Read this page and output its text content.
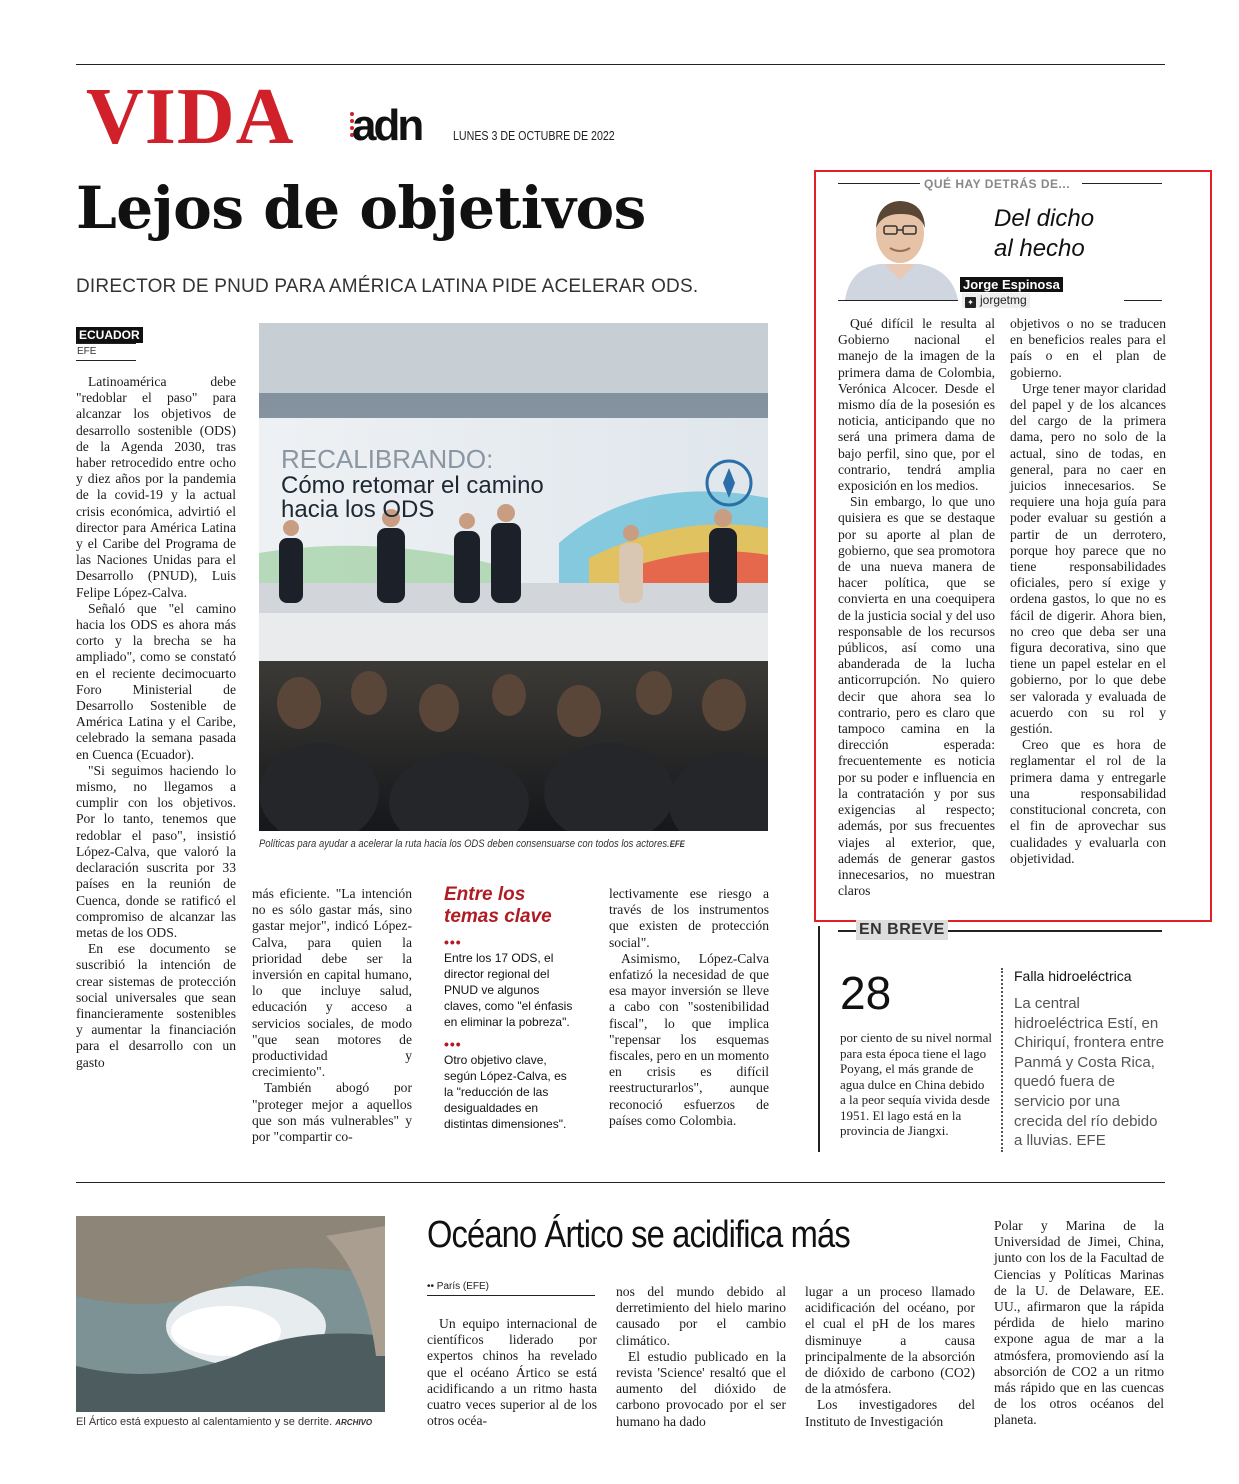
VIDA adn LUNES 3 DE OCTUBRE DE 2022
Lejos de objetivos
DIRECTOR DE PNUD PARA AMÉRICA LATINA PIDE ACELERAR ODS.
ECUADOR
EFE

Latinoamérica debe "redoblar el paso" para alcanzar los objetivos de desarrollo sostenible (ODS) de la Agenda 2030, tras haber retrocedido entre ocho y diez años por la pandemia de la covid-19 y la actual crisis económica, advirtió el director para América Latina y el Caribe del Programa de las Naciones Unidas para el Desarrollo (PNUD), Luis Felipe López-Calva.

Señaló que "el camino hacia los ODS es ahora más corto y la brecha se ha ampliado", como se constató en el reciente decimocuarto Foro Ministerial de Desarrollo Sostenible de América Latina y el Caribe, celebrado la semana pasada en Cuenca (Ecuador).

"Si seguimos haciendo lo mismo, no llegamos a cumplir con los objetivos. Por lo tanto, tenemos que redoblar el paso", insistió López-Calva, que valoró la declaración suscrita por 33 países en la reunión de Cuenca, donde se ratificó el compromiso de alcanzar las metas de los ODS.

En ese documento se suscribió la intención de crear sistemas de protección social universales que sean financieramente sostenibles y aumentar la financiación para el desarrollo con un gasto

RECALIBRANDO:
Cómo retomar el camino
hacia los ODS
Políticas para ayudar a acelerar la ruta hacia los ODS deben consensuarse con todos los actores.EFE

más eficiente. "La intención no es sólo gastar más, sino gastar mejor", indicó López-Calva, para quien la prioridad debe ser la inversión en capital humano, lo que incluye salud, educación y acceso a servicios sociales, de modo "que sean motores de productividad y crecimiento".

También abogó por "proteger mejor a aquellos que son más vulnerables" y por "compartir co-

Entre los temas clave
•••
Entre los 17 ODS, el director regional del PNUD ve algunos claves, como "el énfasis en eliminar la pobreza".
•••
Otro objetivo clave, según López-Calva, es la "reducción de las desigualdades en distintas dimensiones".

lectivamente ese riesgo a través de los instrumentos que existen de protección social".

Asimismo, López-Calva enfatizó la necesidad de que esa mayor inversión se lleve a cabo con "sostenibilidad fiscal", lo que implica "repensar los esquemas fiscales, pero en un momento en crisis es difícil reestructurarlos", aunque reconoció esfuerzos de países como Colombia.

QUÉ HAY DETRÁS DE...
Del dicho
al hecho
Jorge Espinosa
✦ jorgetmg

Qué difícil le resulta al Gobierno nacional el manejo de la imagen de la primera dama de Colombia, Verónica Alcocer. Desde el mismo día de la posesión es noticia, anticipando que no será una primera dama de bajo perfil, sino que, por el contrario, tendrá amplia exposición en los medios.

Sin embargo, lo que uno quisiera es que se destaque por su aporte al plan de gobierno, que sea promotora de una nueva manera de hacer política, que se convierta en una coequipera de la justicia social y del uso responsable de los recursos públicos, así como una abanderada de la lucha anticorrupción. No quiero decir que ahora sea lo contrario, pero es claro que tampoco camina en la dirección esperada: frecuentemente es noticia por su poder e influencia en la contratación y por sus exigencias al respecto; además, por sus frecuentes viajes al exterior, que, además de generar gastos innecesarios, no muestran claros

objetivos o no se traducen en beneficios reales para el país o en el plan de gobierno.

Urge tener mayor claridad del papel y de los alcances del cargo de la primera dama, pero no solo de la actual, sino de todas, en general, para no caer en juicios innecesarios. Se requiere una hoja guía para poder evaluar su gestión a partir de un derrotero, porque hoy parece que no tiene responsabilidades oficiales, pero sí exige y ordena gastos, lo que no es fácil de digerir. Ahora bien, no creo que deba ser una figura decorativa, sino que tiene un papel estelar en el gobierno, por lo que debe ser valorada y evaluada de acuerdo con su rol y gestión.

Creo que es hora de reglamentar el rol de la primera dama y entregarle una responsabilidad constitucional concreta, con el fin de aprovechar sus cualidades y evaluarla con objetividad.

EN BREVE
28
por ciento de su nivel normal para esta época tiene el lago Poyang, el más grande de agua dulce en China debido a la peor sequía vivida desde 1951. El lago está en la provincia de Jiangxi.
Falla hidroeléctrica
La central hidroeléctrica Estí, en Chiriquí, frontera entre Panmá y Costa Rica, quedó fuera de servicio por una crecida del río debido a lluvias. EFE
El Ártico está expuesto al calentamiento y se derrite. ARCHIVO
Océano Ártico se acidifica más
•• París (EFE)

Un equipo internacional de científicos liderado por expertos chinos ha revelado que el océano Ártico se está acidificando a un ritmo hasta cuatro veces superior al de los otros océa-

nos del mundo debido al derretimiento del hielo marino causado por el cambio climático.

El estudio publicado en la revista 'Science' resaltó que el aumento del dióxido de carbono provocado por el ser humano ha dado

lugar a un proceso llamado acidificación del océano, por el cual el pH de los mares disminuye a causa principalmente de la absorción de dióxido de carbono (CO2) de la atmósfera.

Los investigadores del Instituto de Investigación

Polar y Marina de la Universidad de Jimei, China, junto con los de la Facultad de Ciencias y Políticas Marinas de la U. de Delaware, EE. UU., afirmaron que la rápida pérdida de hielo marino expone agua de mar a la atmósfera, promoviendo así la absorción de CO2 a un ritmo más rápido que en las cuencas de los otros océanos del planeta.
